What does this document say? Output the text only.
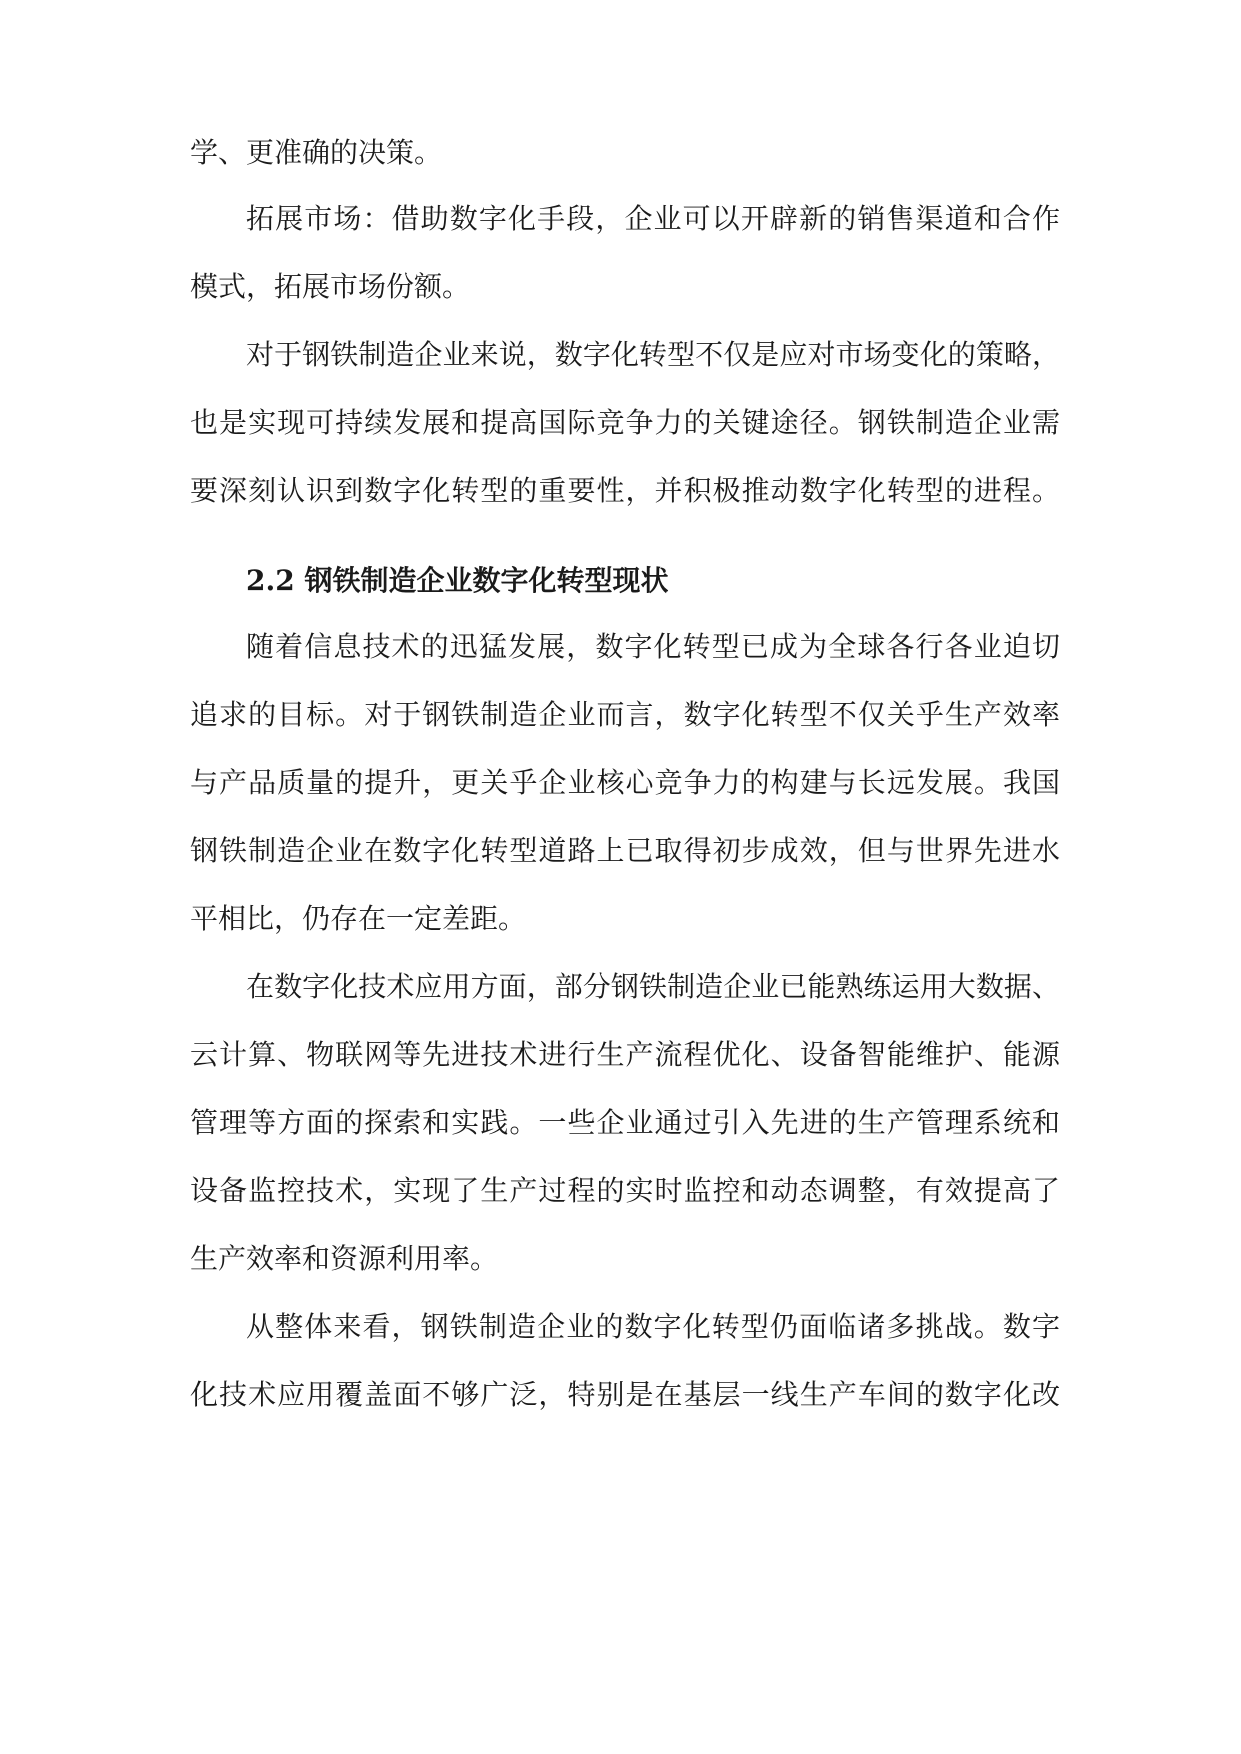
学、更准确的决策。
拓展市场：借助数字化手段，企业可以开辟新的销售渠道和合作
模式，拓展市场份额。
对于钢铁制造企业来说，数字化转型不仅是应对市场变化的策略，
也是实现可持续发展和提高国际竞争力的关键途径。钢铁制造企业需
要深刻认识到数字化转型的重要性，并积极推动数字化转型的进程。
2.2 钢铁制造企业数字化转型现状
随着信息技术的迅猛发展，数字化转型已成为全球各行各业迫切
追求的目标。对于钢铁制造企业而言，数字化转型不仅关乎生产效率
与产品质量的提升，更关乎企业核心竞争力的构建与长远发展。我国
钢铁制造企业在数字化转型道路上已取得初步成效，但与世界先进水
平相比，仍存在一定差距。
在数字化技术应用方面，部分钢铁制造企业已能熟练运用大数据、
云计算、物联网等先进技术进行生产流程优化、设备智能维护、能源
管理等方面的探索和实践。一些企业通过引入先进的生产管理系统和
设备监控技术，实现了生产过程的实时监控和动态调整，有效提高了
生产效率和资源利用率。
从整体来看，钢铁制造企业的数字化转型仍面临诸多挑战。数字
化技术应用覆盖面不够广泛，特别是在基层一线生产车间的数字化改
